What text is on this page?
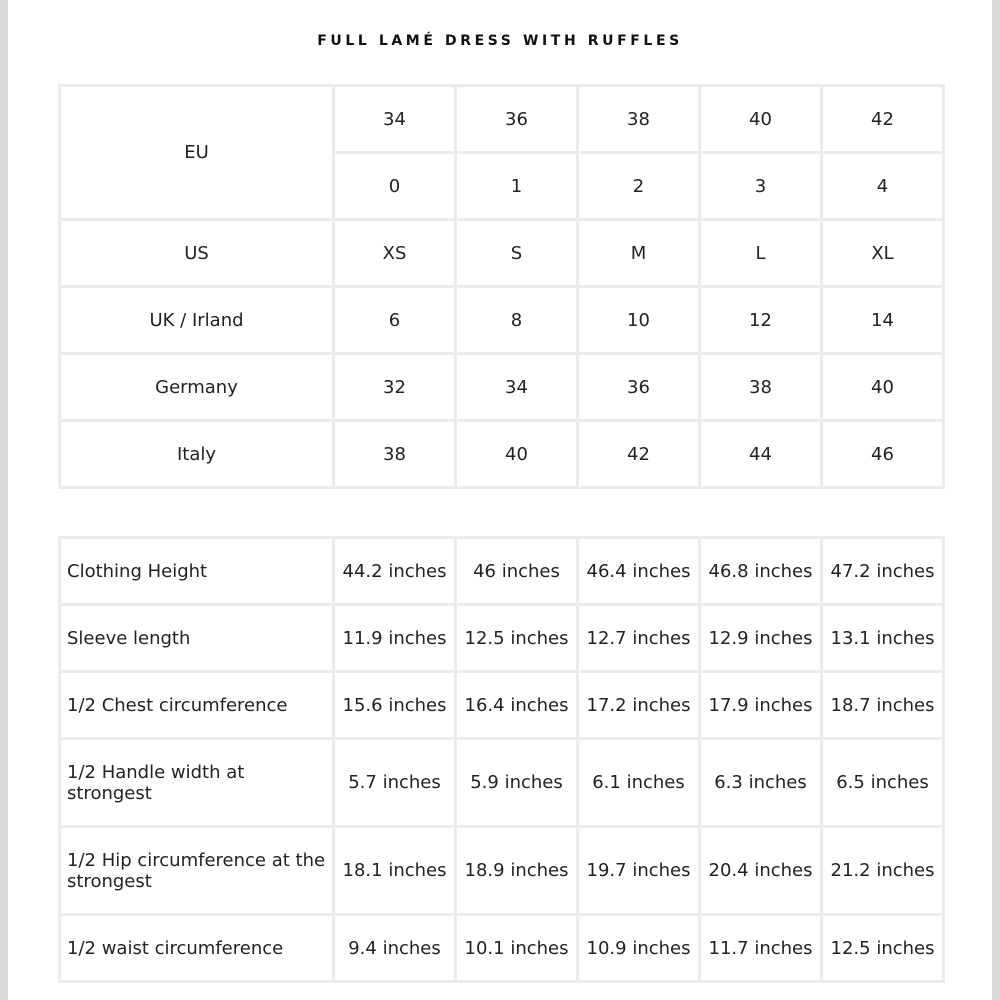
FULL LAMÉ DRESS WITH RUFFLES
EU	34	36	38	40	42
	0	1	2	3	4
US	XS	S	M	L	XL
UK / Irland	6	8	10	12	14
Germany	32	34	36	38	40
Italy	38	40	42	44	46
Clothing Height	44.2 inches	46 inches	46.4 inches	46.8 inches	47.2 inches
Sleeve length	11.9 inches	12.5 inches	12.7 inches	12.9 inches	13.1 inches
1/2 Chest circumference	15.6 inches	16.4 inches	17.2 inches	17.9 inches	18.7 inches
1/2 Handle width at strongest	5.7 inches	5.9 inches	6.1 inches	6.3 inches	6.5 inches
1/2 Hip circumference at the strongest	18.1 inches	18.9 inches	19.7 inches	20.4 inches	21.2 inches
1/2 waist circumference	9.4 inches	10.1 inches	10.9 inches	11.7 inches	12.5 inches
